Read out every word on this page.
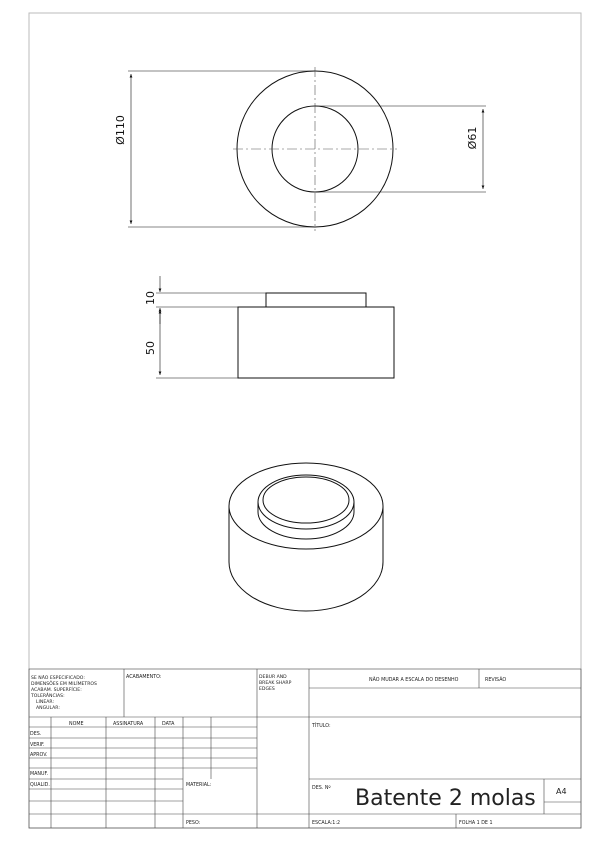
Ø110	Ø61
10
50
SE NÃO ESPECIFICADO:
DIMENSÕES EM MILÍMETROS
ACABAM. SUPERFÍCIE:
TOLERÂNCIAS:
LINEAR:
ANGULAR:
ACABAMENTO:	DEBUR AND
BREAK SHARP
EDGES
NÃO MUDAR A ESCALA DO DESENHO	REVISÃO
NOME	ASSINATURA	DATA
DES.
VERIF.
APROV.
MANUF.
QUALID.
TÍTULO:
MATERIAL:
DES. Nº Batente 2 molas	A4
PESO:	ESCALA:1:2	FOLHA 1 DE 1
